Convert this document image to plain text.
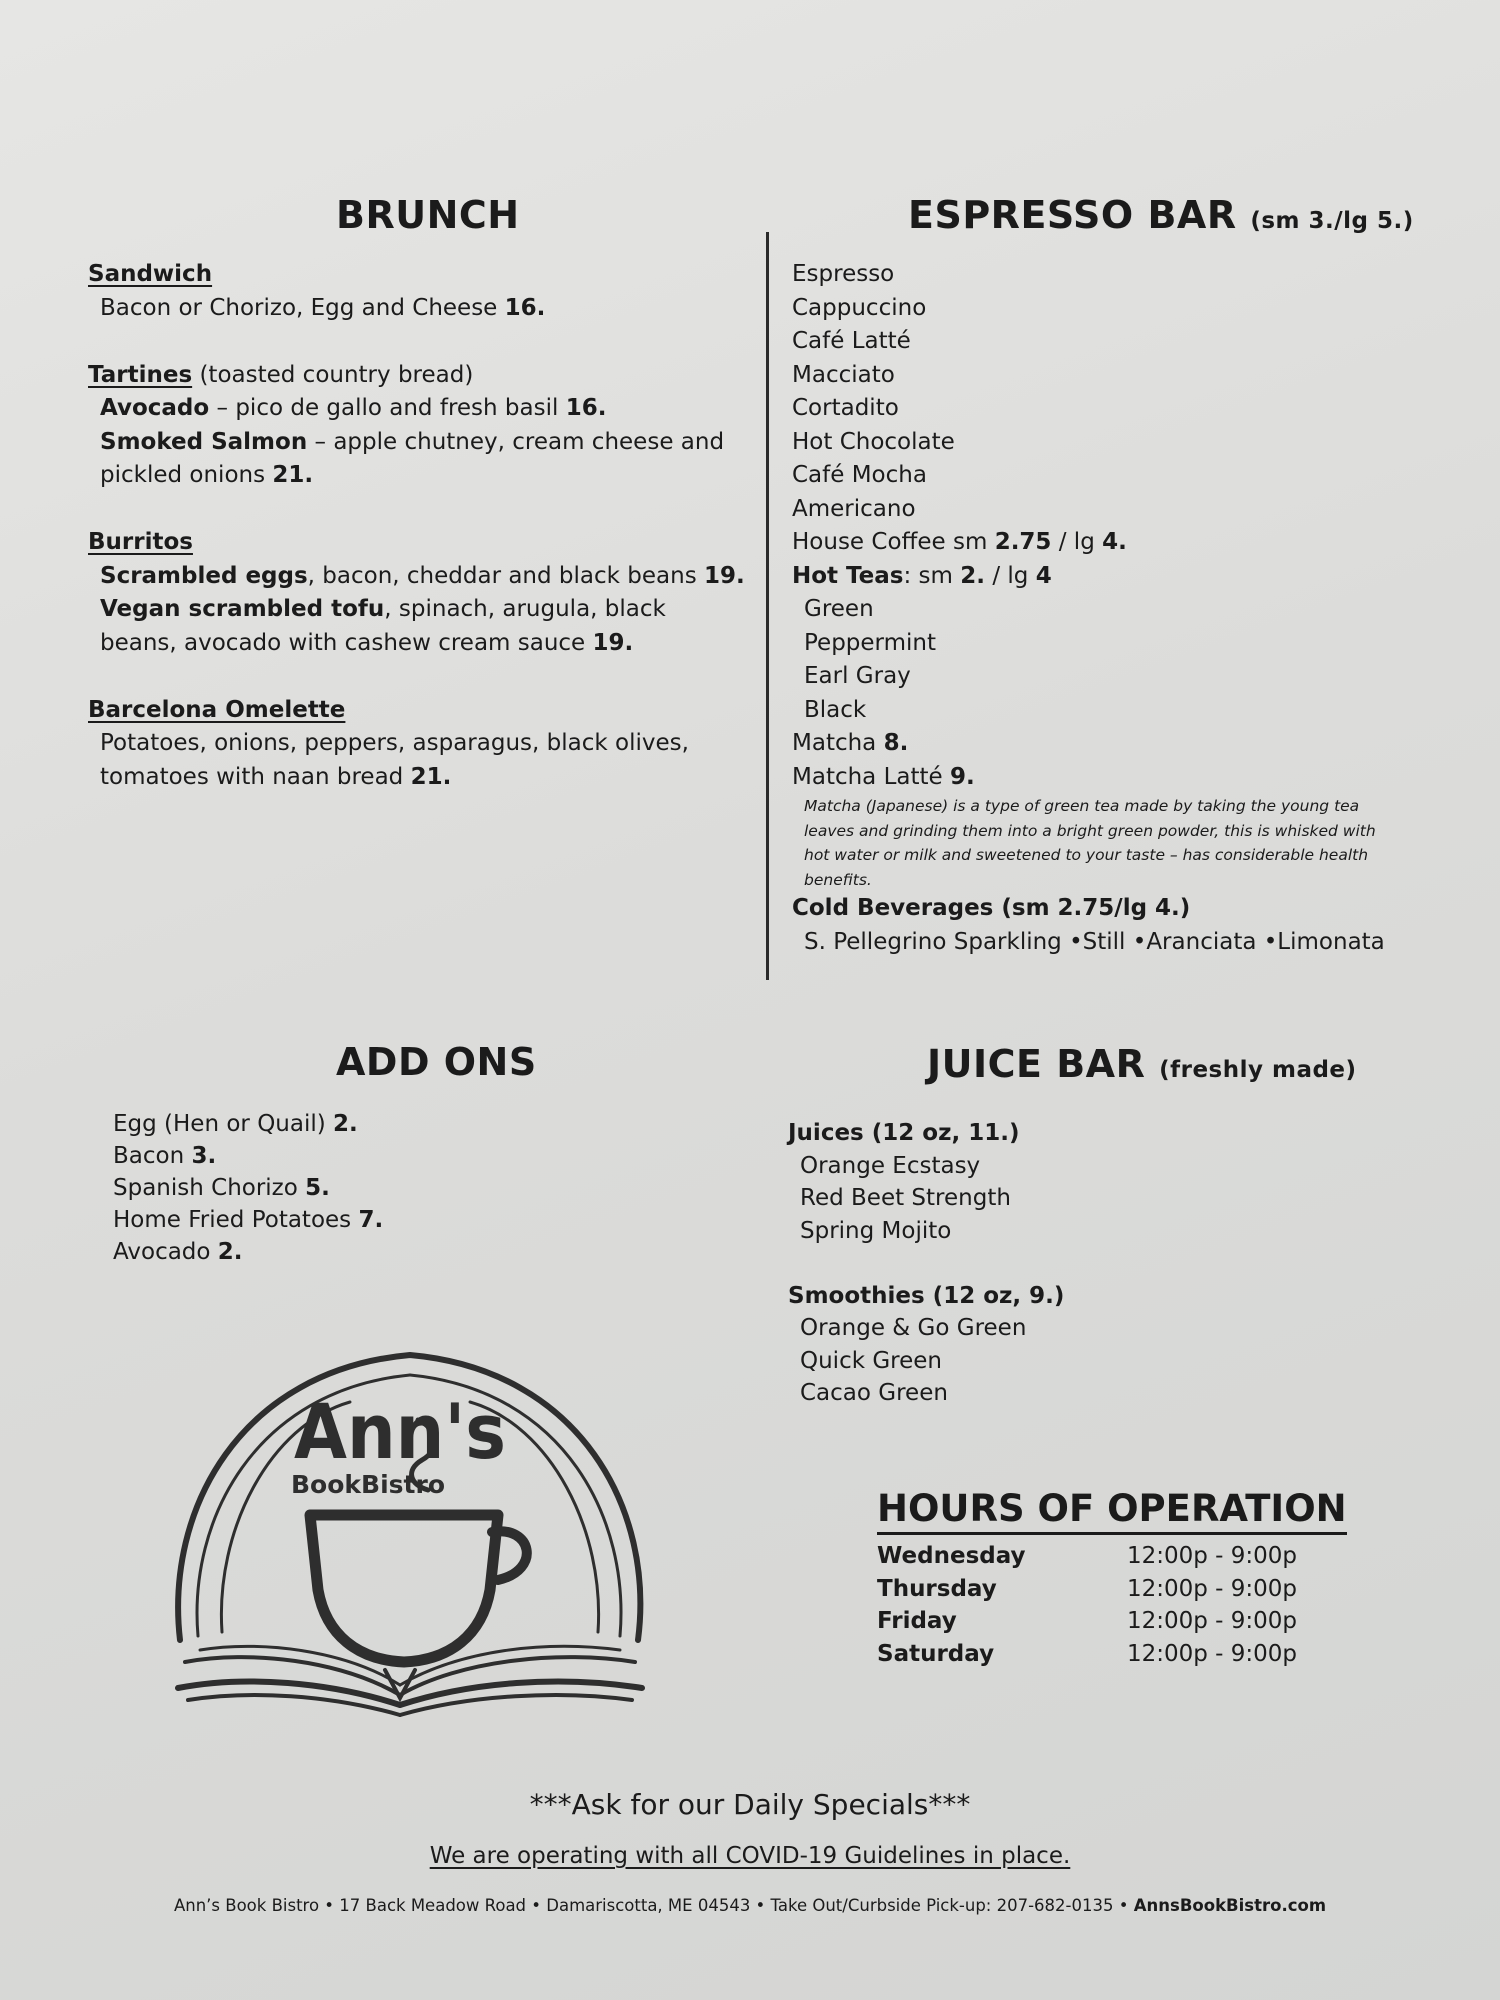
BRUNCH
Sandwich
Bacon or Chorizo, Egg and Cheese 16.

Tartines (toasted country bread)
Avocado – pico de gallo and fresh basil 16.
Smoked Salmon – apple chutney, cream cheese and
pickled onions 21.

Burritos
Scrambled eggs, bacon, cheddar and black beans 19.
Vegan scrambled tofu, spinach, arugula, black
beans, avocado with cashew cream sauce 19.

Barcelona Omelette
Potatoes, onions, peppers, asparagus, black olives,
tomatoes with naan bread 21.
ESPRESSO BAR (sm 3./lg 5.)
Espresso
Cappuccino
Café Latté
Macciato
Cortadito
Hot Chocolate
Café Mocha
Americano
House Coffee sm 2.75 / lg 4.
Hot Teas: sm 2. / lg 4
Green
Peppermint
Earl Gray
Black
Matcha 8.
Matcha Latté 9.
Matcha (Japanese) is a type of green tea made by taking the young tea
leaves and grinding them into a bright green powder, this is whisked with
hot water or milk and sweetened to your taste – has considerable health
benefits.
Cold Beverages (sm 2.75/lg 4.)
S. Pellegrino Sparkling •Still •Aranciata •Limonata
ADD ONS
Egg (Hen or Quail) 2.
Bacon 3.
Spanish Chorizo 5.
Home Fried Potatoes 7.
Avocado 2.
JUICE BAR (freshly made)
Juices (12 oz, 11.)
Orange Ecstasy
Red Beet Strength
Spring Mojito

Smoothies (12 oz, 9.)
Orange & Go Green
Quick Green
Cacao Green
Ann's
BookBistro
HOURS OF OPERATION
Wednesday	12:00p - 9:00p
Thursday	12:00p - 9:00p
Friday	12:00p - 9:00p
Saturday	12:00p - 9:00p
***Ask for our Daily Specials***
We are operating with all COVID-19 Guidelines in place.
Ann’s Book Bistro • 17 Back Meadow Road • Damariscotta, ME 04543 • Take Out/Curbside Pick-up: 207-682-0135 • AnnsBookBistro.com
